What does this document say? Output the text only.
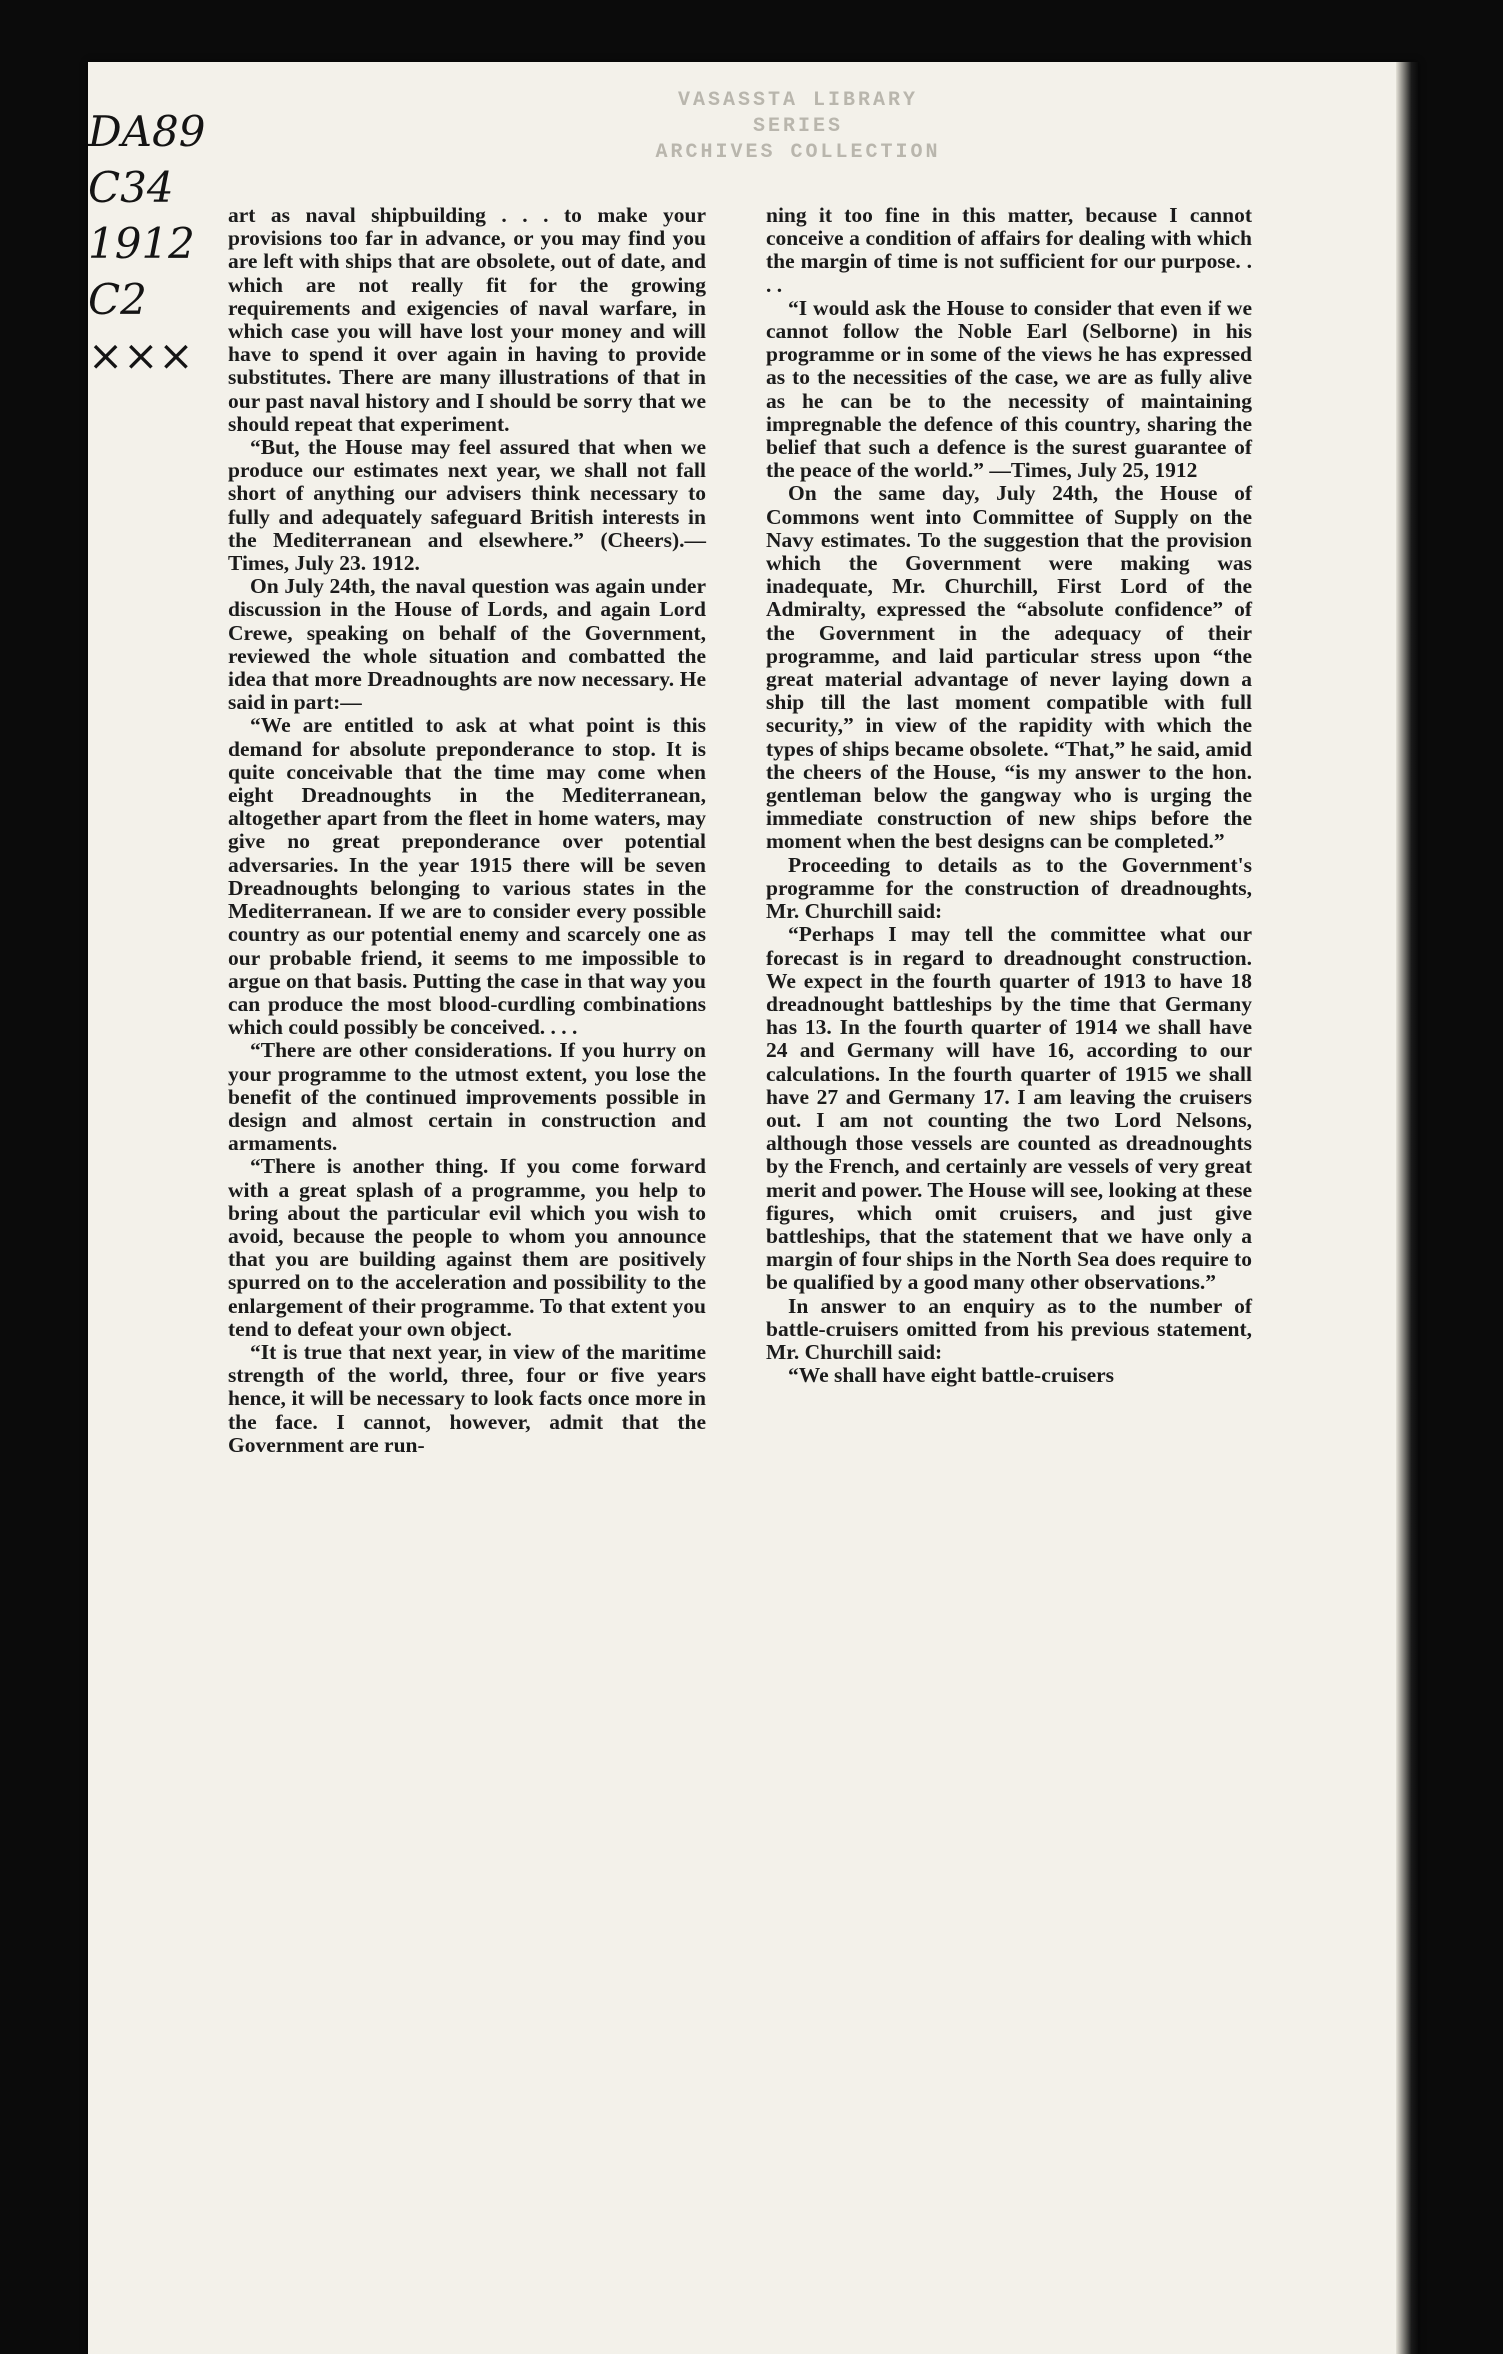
VASASSTA LIBRARY
SERIES
ARCHIVES COLLECTION
DA89
C34
1912
C2
×××

art as naval shipbuilding . . . to make your provisions too far in advance, or you may find you are left with ships that are obsolete, out of date, and which are not really fit for the growing requirements and exigencies of naval warfare, in which case you will have lost your money and will have to spend it over again in having to provide substitutes. There are many illustrations of that in our past naval history and I should be sorry that we should repeat that experiment.

“But, the House may feel assured that when we produce our estimates next year, we shall not fall short of anything our advisers think necessary to fully and adequately safeguard British interests in the Mediterranean and elsewhere.” (Cheers).—Times, July 23. 1912.

On July 24th, the naval question was again under discussion in the House of Lords, and again Lord Crewe, speaking on behalf of the Government, reviewed the whole situation and combatted the idea that more Dreadnoughts are now necessary. He said in part:—

“We are entitled to ask at what point is this demand for absolute preponderance to stop. It is quite conceivable that the time may come when eight Dreadnoughts in the Mediterranean, altogether apart from the fleet in home waters, may give no great preponderance over potential adversaries. In the year 1915 there will be seven Dreadnoughts belonging to various states in the Mediterranean. If we are to consider every possible country as our potential enemy and scarcely one as our probable friend, it seems to me impossible to argue on that basis. Putting the case in that way you can produce the most blood-curdling combinations which could possibly be conceived. . . .

“There are other considerations. If you hurry on your programme to the utmost extent, you lose the benefit of the continued improvements possible in design and almost certain in construction and armaments.

“There is another thing. If you come forward with a great splash of a programme, you help to bring about the particular evil which you wish to avoid, because the people to whom you announce that you are building against them are positively spurred on to the acceleration and possibility to the enlargement of their programme. To that extent you tend to defeat your own object.

“It is true that next year, in view of the maritime strength of the world, three, four or five years hence, it will be necessary to look facts once more in the face. I cannot, however, admit that the Government are run-

ning it too fine in this matter, because I cannot conceive a condition of affairs for dealing with which the margin of time is not sufficient for our purpose. . . .

“I would ask the House to consider that even if we cannot follow the Noble Earl (Selborne) in his programme or in some of the views he has expressed as to the necessities of the case, we are as fully alive as he can be to the necessity of maintaining impregnable the defence of this country, sharing the belief that such a defence is the surest guarantee of the peace of the world.” —Times, July 25, 1912

On the same day, July 24th, the House of Commons went into Committee of Supply on the Navy estimates. To the suggestion that the provision which the Government were making was inadequate, Mr. Churchill, First Lord of the Admiralty, expressed the “absolute confidence” of the Government in the adequacy of their programme, and laid particular stress upon “the great material advantage of never laying down a ship till the last moment compatible with full security,” in view of the rapidity with which the types of ships became obsolete. “That,” he said, amid the cheers of the House, “is my answer to the hon. gentleman below the gangway who is urging the immediate construction of new ships before the moment when the best designs can be completed.”

Proceeding to details as to the Government's programme for the construction of dreadnoughts, Mr. Churchill said:

“Perhaps I may tell the committee what our forecast is in regard to dreadnought construction. We expect in the fourth quarter of 1913 to have 18 dreadnought battleships by the time that Germany has 13. In the fourth quarter of 1914 we shall have 24 and Germany will have 16, according to our calculations. In the fourth quarter of 1915 we shall have 27 and Germany 17. I am leaving the cruisers out. I am not counting the two Lord Nelsons, although those vessels are counted as dreadnoughts by the French, and certainly are vessels of very great merit and power. The House will see, looking at these figures, which omit cruisers, and just give battleships, that the statement that we have only a margin of four ships in the North Sea does require to be qualified by a good many other observations.”

In answer to an enquiry as to the number of battle-cruisers omitted from his previous statement, Mr. Churchill said:

“We shall have eight battle-cruisers
